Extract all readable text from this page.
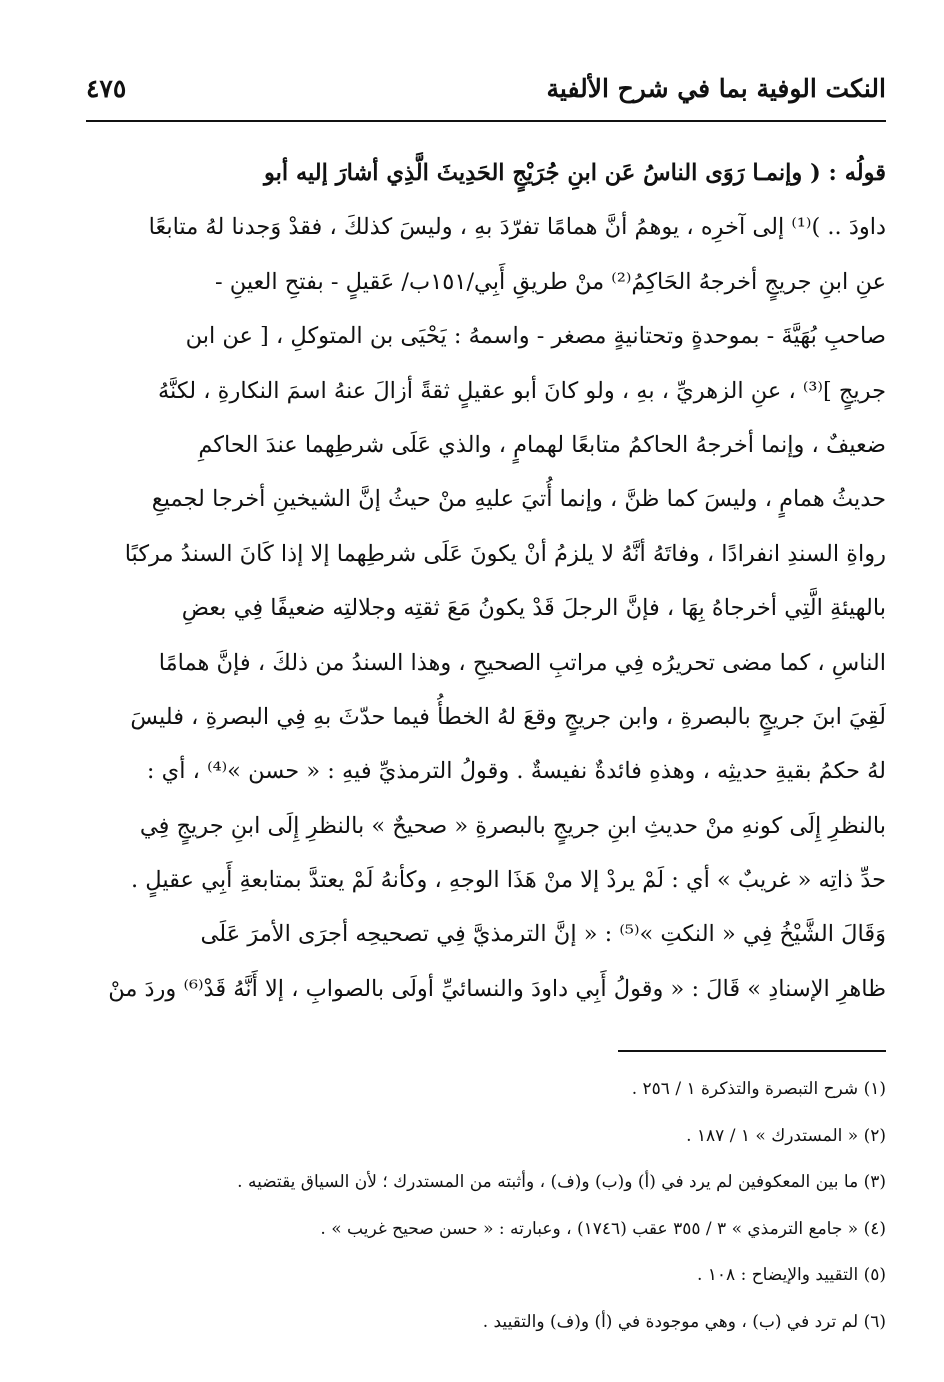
النكت الوفية بما في شرح الألفية
٤٧٥
قولُه : ( وإنمـا رَوَى الناسُ عَن ابنِ جُرَيْجٍ الحَدِيثَ الَّذِي أشارَ إليه أبو
داودَ .. )⁽¹⁾ إلى آخرِه ، يوهمُ أنَّ همامًا تفرّدَ بهِ ، وليسَ كذلكَ ، فقدْ وَجدنا لهُ متابعًا
عنِ ابنِ جريجٍ أخرجهُ الحَاكِمُ⁽²⁾ منْ طريقِ أَبِي/١٥١ب/ عَقيلٍ - بفتحِ العينِ -
صاحبِ بُهَيَّةَ - بموحدةٍ وتحتانيةٍ مصغر - واسمهُ : يَحْيَى بن المتوكلِ ، [ عن ابن
جريجٍ ]⁽³⁾ ، عنِ الزهريِّ ، بهِ ، ولو كانَ أبو عقيلٍ ثقةً أزالَ عنهُ اسمَ النكارةِ ، لكنَّهُ
ضعيفٌ ، وإنما أخرجهُ الحاكمُ متابعًا لهمامٍ ، والذي عَلَى شرطِهما عندَ الحاكمِ
حديثُ همامٍ ، وليسَ كما ظنَّ ، وإنما أُتيَ عليهِ منْ حيثُ إنَّ الشيخينِ أخرجا لجميعِ
رواةِ السندِ انفرادًا ، وفاتَهُ أنَّهُ لا يلزمُ أنْ يكونَ عَلَى شرطِهما إلا إذا كَانَ السندُ مركبًا
بالهيئةِ الَّتِي أخرجاهُ بِهَا ، فإنَّ الرجلَ قَدْ يكونُ مَعَ ثقتِه وجلالتِه ضعيفًا فِي بعضِ
الناسِ ، كما مضى تحريرُه فِي مراتبِ الصحيحِ ، وهذا السندُ من ذلكَ ، فإنَّ همامًا
لَقِيَ ابنَ جريجٍ بالبصرةِ ، وابن جريجٍ وقعَ لهُ الخطأُ فيما حدّثَ بهِ فِي البصرةِ ، فليسَ
لهُ حكمُ بقيةِ حديثِه ، وهذهِ فائدةٌ نفيسةٌ . وقولُ الترمذيِّ فيهِ : « حسن »⁽⁴⁾ ، أي :
بالنظرِ إِلَى كونهِ منْ حديثِ ابنِ جريجٍ بالبصرةِ « صحيحٌ » بالنظرِ إِلَى ابنِ جريجٍ فِي
حدِّ ذاتِه « غريبٌ » أي : لَمْ يردْ إلا منْ هَذَا الوجهِ ، وكأنهُ لَمْ يعتدَّ بمتابعةِ أَبِي عقيلٍ .
وَقَالَ الشَّيْخُ فِي « النكتِ »⁽⁵⁾ : « إنَّ الترمذيَّ فِي تصحيحِه أجرَى الأمرَ عَلَى
ظاهرِ الإسنادِ » قَالَ : « وقولُ أَبِي داودَ والنسائيِّ أولَى بالصوابِ ، إلا أَنَّهُ قَدْ⁽⁶⁾ وردَ منْ
(١) شرح التبصرة والتذكرة ١ / ٢٥٦ .
(٢) « المستدرك » ١ / ١٨٧ .
(٣) ما بين المعكوفين لم يرد في (أ) و(ب) و(ف) ، وأثبته من المستدرك ؛ لأن السياق يقتضيه .
(٤) « جامع الترمذي » ٣ / ٣٥٥ عقب (١٧٤٦) ، وعبارته : « حسن صحيح غريب » .
(٥) التقييد والإيضاح : ١٠٨ .
(٦) لم ترد في (ب) ، وهي موجودة في (أ) و(ف) والتقييد .
